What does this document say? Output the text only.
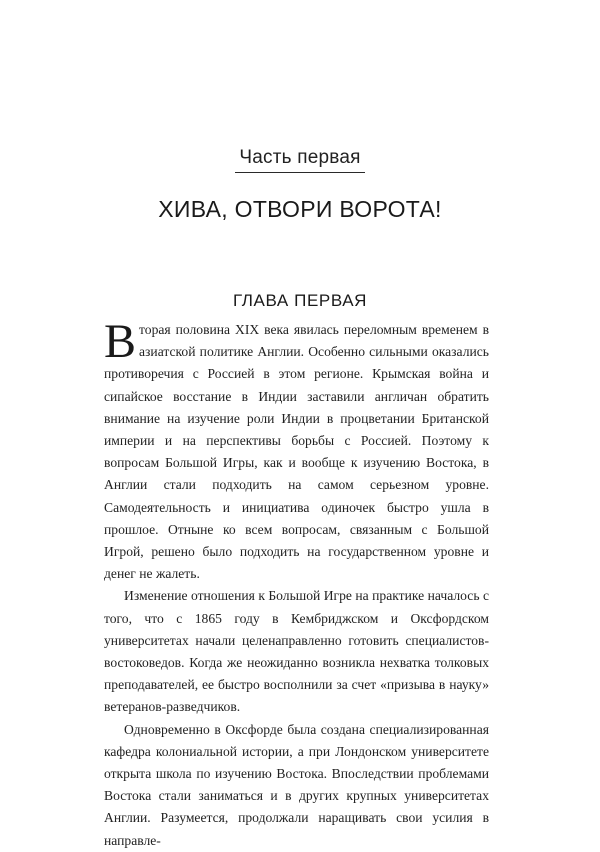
Часть первая
ХИВА, ОТВОРИ ВОРОТА!
ГЛАВА ПЕРВАЯ

Вторая половина XIX века явилась переломным временем в азиатской политике Англии. Особенно сильными оказались противоречия с Россией в этом регионе. Крымская война и сипайское восстание в Индии заставили англичан обратить внимание на изучение роли Индии в процветании Британской империи и на перспективы борьбы с Россией. Поэтому к вопросам Большой Игры, как и вообще к изучению Востока, в Англии стали подходить на самом серьезном уровне. Самодеятельность и инициатива одиночек быстро ушла в прошлое. Отныне ко всем вопросам, связанным с Большой Игрой, решено было подходить на государственном уровне и денег не жалеть.

Изменение отношения к Большой Игре на практике началось с того, что с 1865 году в Кембриджском и Оксфордском университетах начали целенаправленно готовить специалистов-востоковедов. Когда же неожиданно возникла нехватка толковых преподавателей, ее быстро восполнили за счет «призыва в науку» ветеранов-разведчиков.

Одновременно в Оксфорде была создана специализированная кафедра колониальной истории, а при Лондонском университете открыта школа по изучению Востока. Впоследствии проблемами Востока стали заниматься и в других крупных университетах Англии. Разумеется, продолжали наращивать свои усилия в направле-
